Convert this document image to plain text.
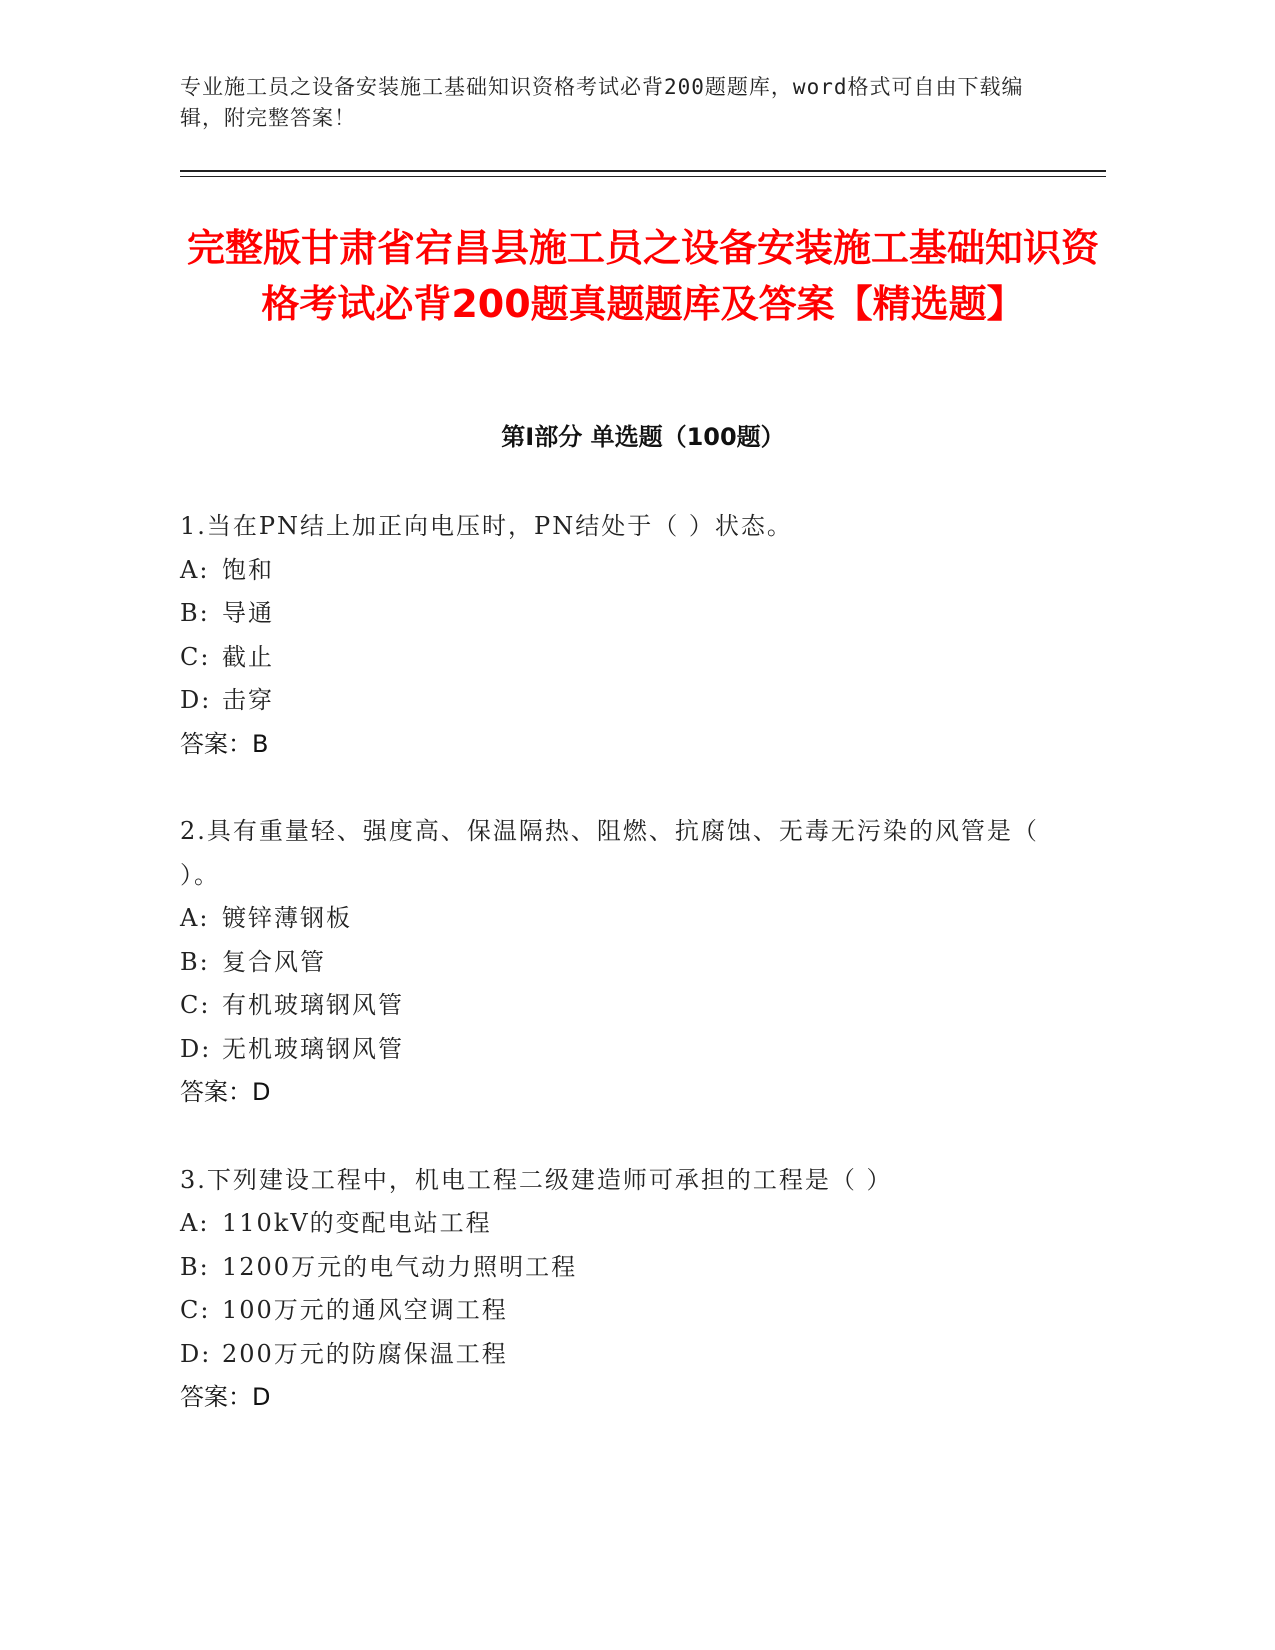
专业施工员之设备安装施工基础知识资格考试必背200题题库，word格式可自由下载编辑，附完整答案！
完整版甘肃省宕昌县施工员之设备安装施工基础知识资格考试必背200题真题题库及答案【精选题】
第I部分 单选题（100题）
1.当在PN结上加正向电压时，PN结处于（ ）状态。
A: 饱和
B: 导通
C: 截止
D: 击穿
答案：B
2.具有重量轻、强度高、保温隔热、阻燃、抗腐蚀、无毒无污染的风管是（ ）。
A: 镀锌薄钢板
B: 复合风管
C: 有机玻璃钢风管
D: 无机玻璃钢风管
答案：D
3.下列建设工程中，机电工程二级建造师可承担的工程是（ ）
A: 110kV的变配电站工程
B: 1200万元的电气动力照明工程
C: 100万元的通风空调工程
D: 200万元的防腐保温工程
答案：D
